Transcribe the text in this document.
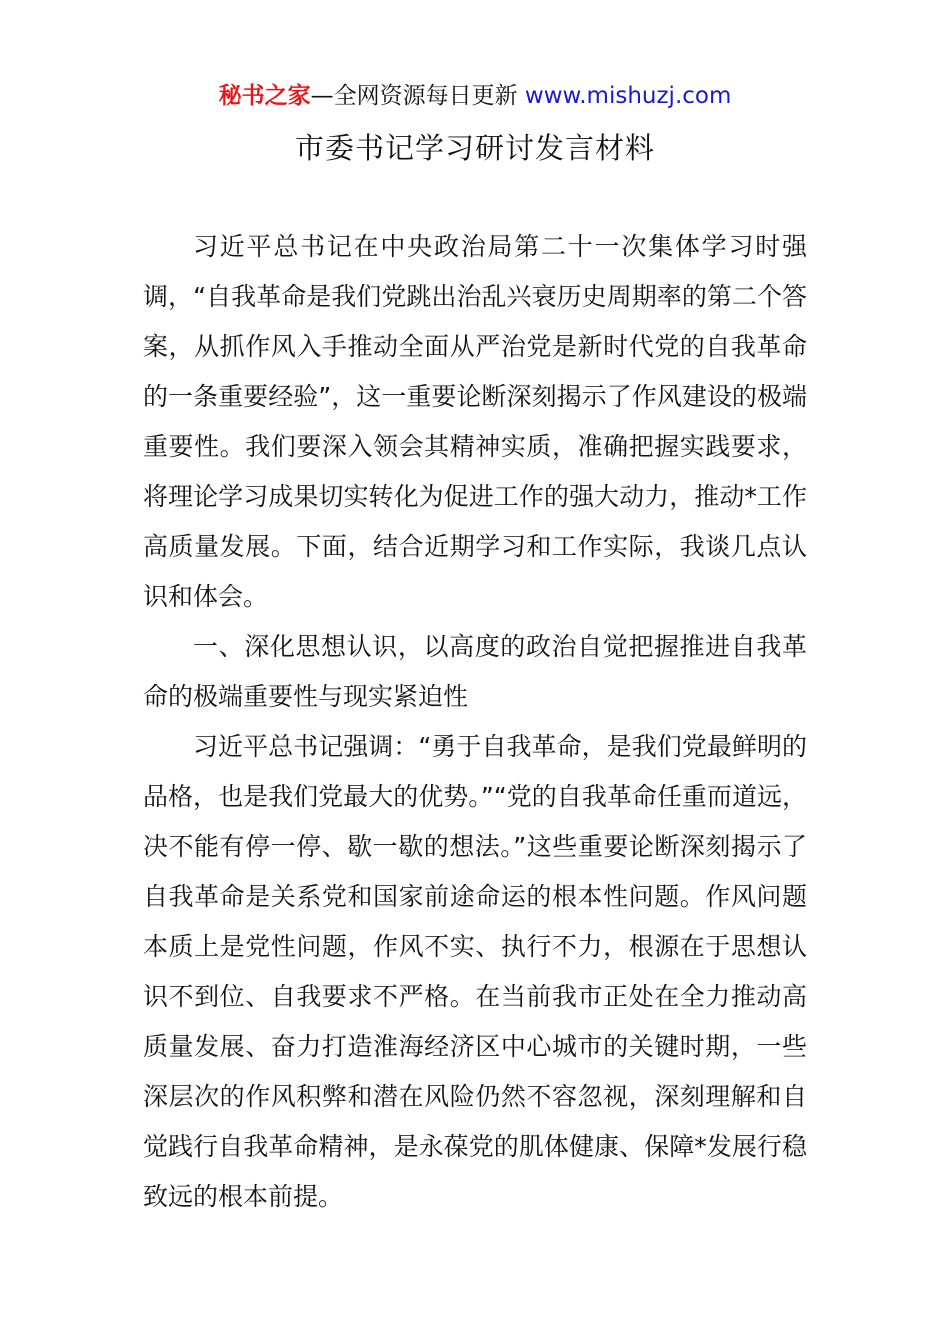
秘书之家—全网资源每日更新 www.mishuzj.com
市委书记学习研讨发言材料

习近平总书记在中央政治局第二十一次集体学习时强调，“自我革命是我们党跳出治乱兴衰历史周期率的第二个答案，从抓作风入手推动全面从严治党是新时代党的自我革命的一条重要经验”，这一重要论断深刻揭示了作风建设的极端重要性。我们要深入领会其精神实质，准确把握实践要求，将理论学习成果切实转化为促进工作的强大动力，推动*工作高质量发展。下面，结合近期学习和工作实际，我谈几点认识和体会。

一、深化思想认识，以高度的政治自觉把握推进自我革命的极端重要性与现实紧迫性

习近平总书记强调：“勇于自我革命，是我们党最鲜明的品格，也是我们党最大的优势。”“党的自我革命任重而道远，决不能有停一停、歇一歇的想法。”这些重要论断深刻揭示了自我革命是关系党和国家前途命运的根本性问题。作风问题本质上是党性问题，作风不实、执行不力，根源在于思想认识不到位、自我要求不严格。在当前我市正处在全力推动高质量发展、奋力打造淮海经济区中心城市的关键时期，一些深层次的作风积弊和潜在风险仍然不容忽视，深刻理解和自觉践行自我革命精神，是永葆党的肌体健康、保障*发展行稳致远的根本前提。
